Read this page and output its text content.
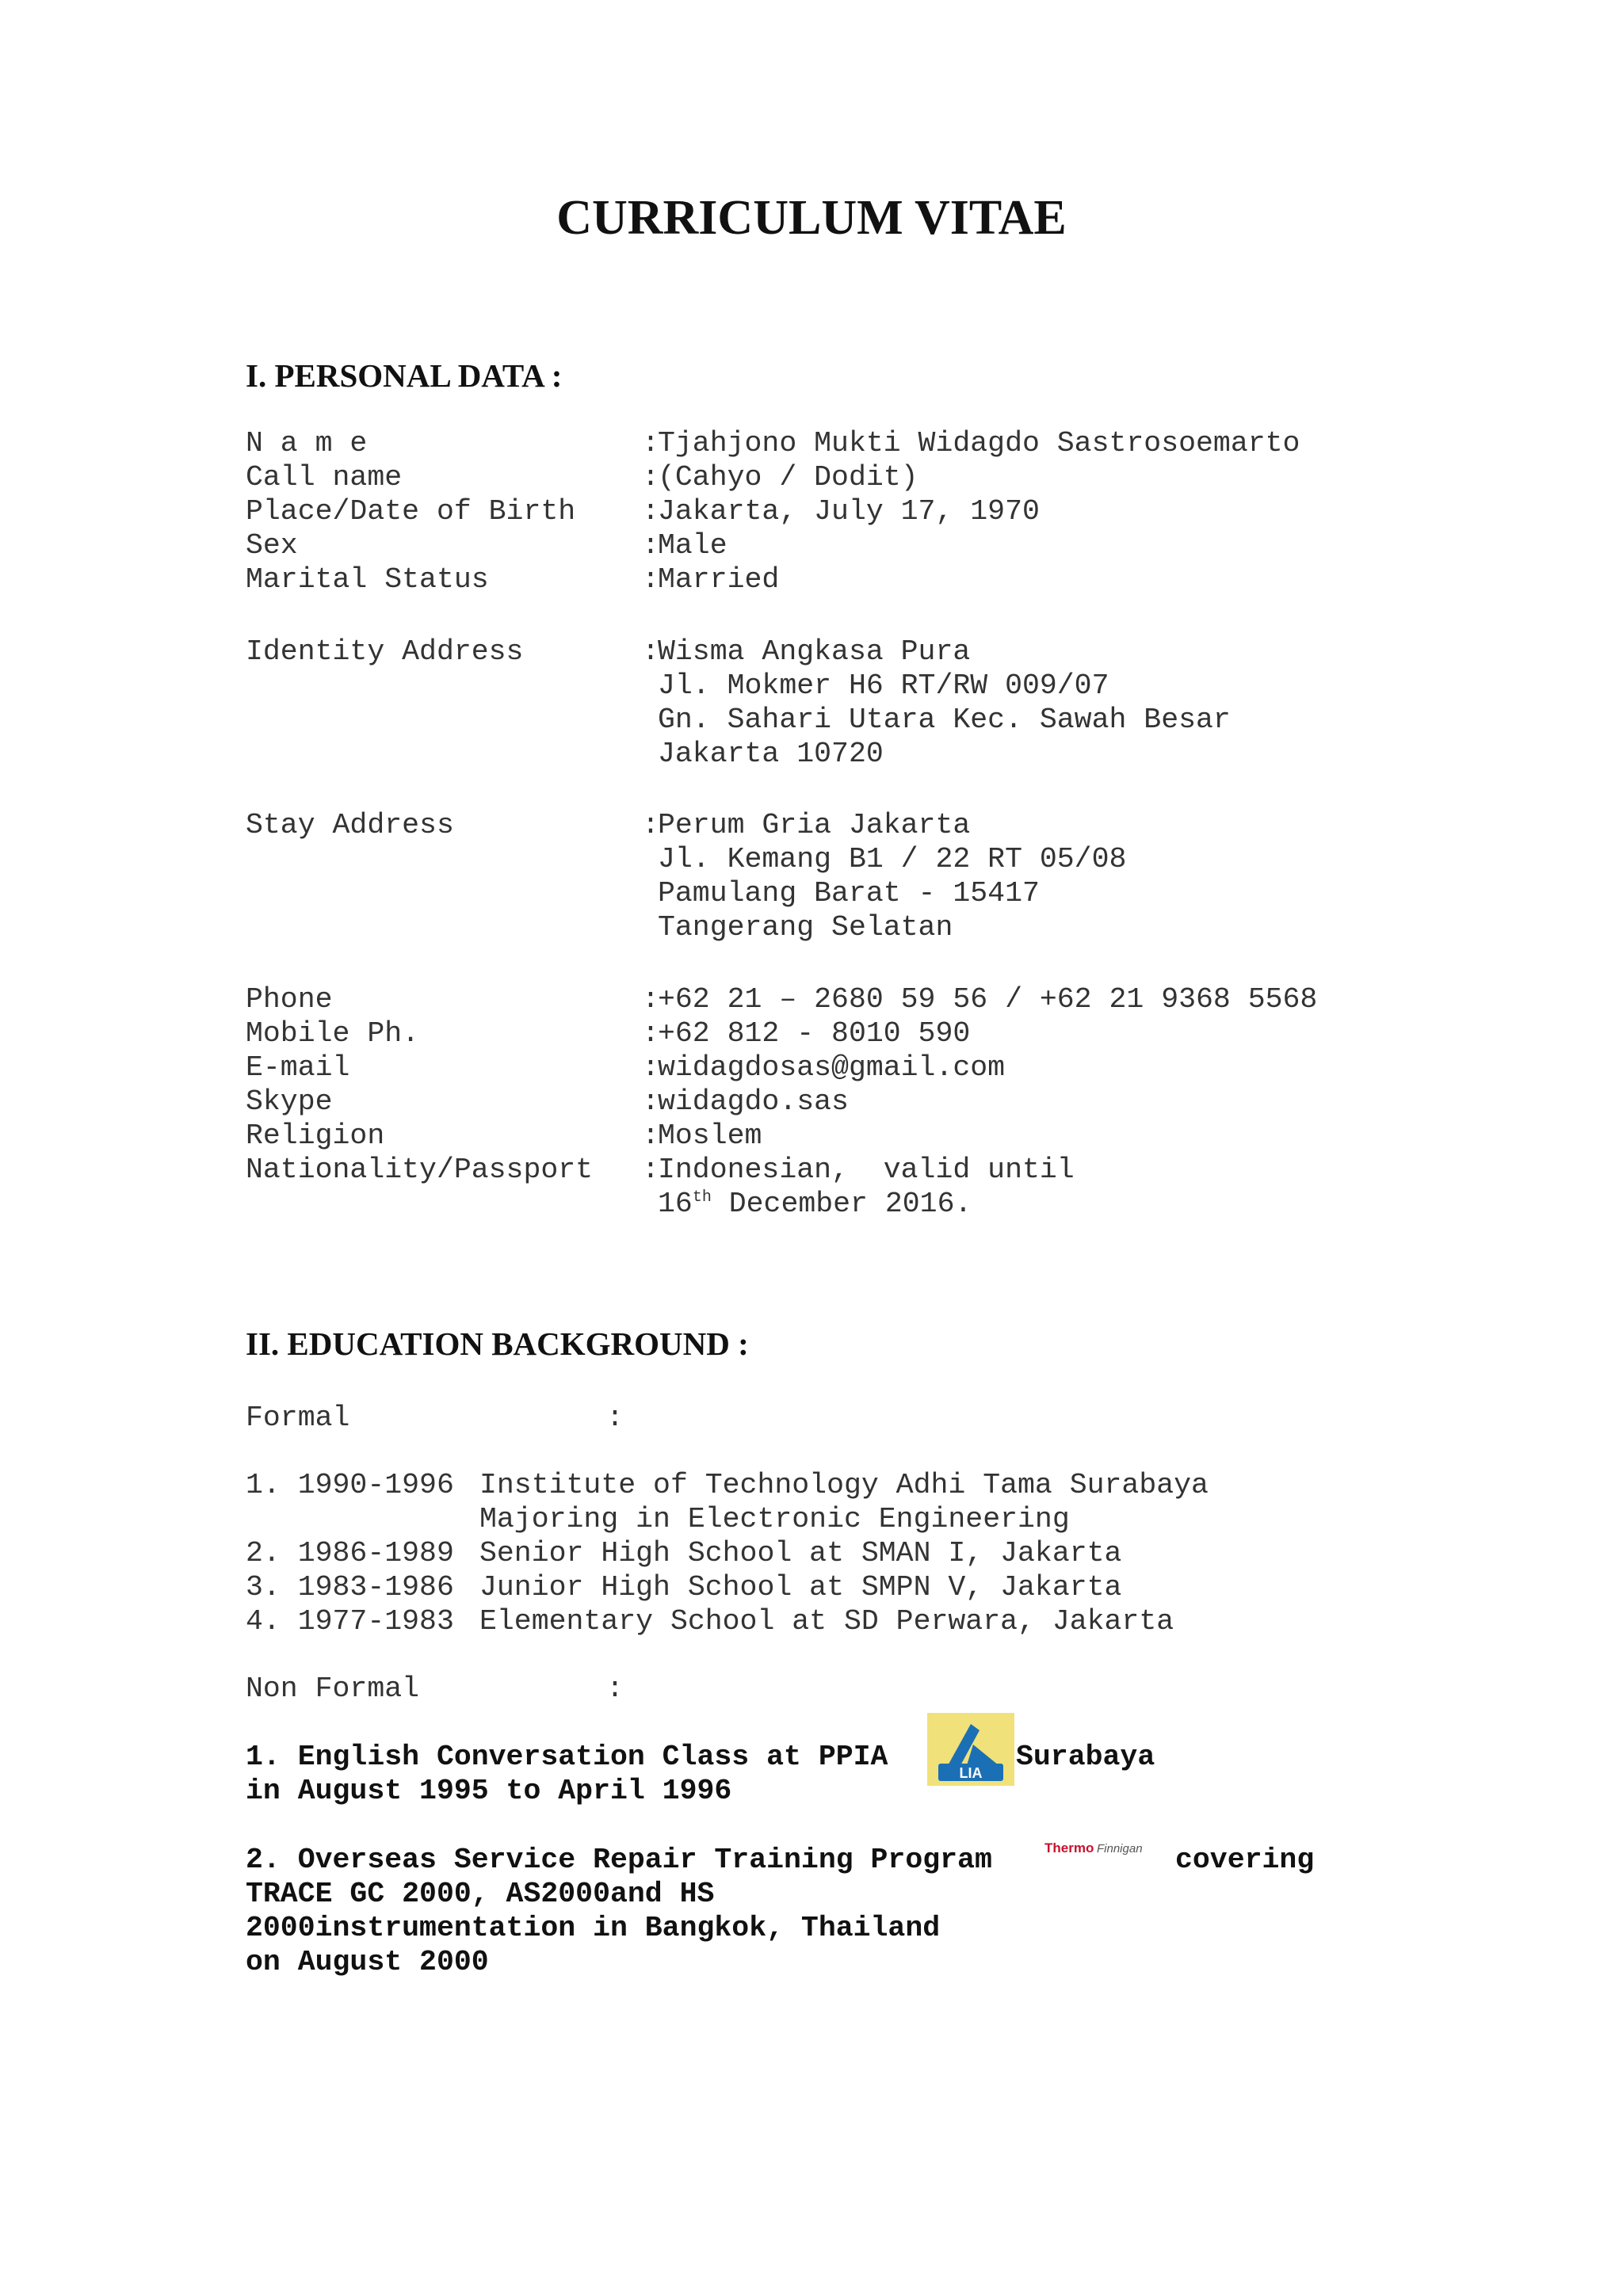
CURRICULUM VITAE
I. PERSONAL DATA :

N a m e

	:

Tjahjono Mukti Widagdo Sastrosoemarto

Call name

	:

(Cahyo / Dodit)

Place/Date of Birth

:

Jakarta, July 17, 1970

Sex

	:

Male

Marital Status

	:

Married

Identity Address

	:

Wisma Angkasa Pura

Jl. Mokmer H6 RT/RW 009/07
Gn. Sahari Utara Kec. Sawah Besar
Jakarta 10720

Stay Address

	:

Perum Gria Jakarta

Jl. Kemang B1 / 22 RT 05/08
Pamulang Barat - 15417
Tangerang Selatan

Phone

	:

+62 21 – 2680 59 56 / +62 21 9368 5568

Mobile Ph.

	:

+62 812 - 8010 590

E-mail

	:

widagdosas@gmail.com

Skype

	:

widagdo.sas

Religion

	:

Moslem

Nationality/Passport

:

Indonesian,  valid until

16th December 2016.
II. EDUCATION BACKGROUND :

Formal

	:

1. 1990-1996 Institute of Technology Adhi Tama Surabaya
Majoring in Electronic Engineering
2. 1986-1989 Senior High School at SMAN I, Jakarta
3. 1983-1986 Junior High School at SMPN V, Jakarta
4. 1977-1983 Elementary School at SD Perwara, Jakarta

Non Formal

	:

1. English Conversation Class at PPIA	LIA Surabaya
in August 1995 to April 1996
2. Overseas Service Repair Training Program	Thermo Finnigan covering
TRACE GC 2000, AS2000and HS
2000instrumentation in Bangkok, Thailand
on August 2000
